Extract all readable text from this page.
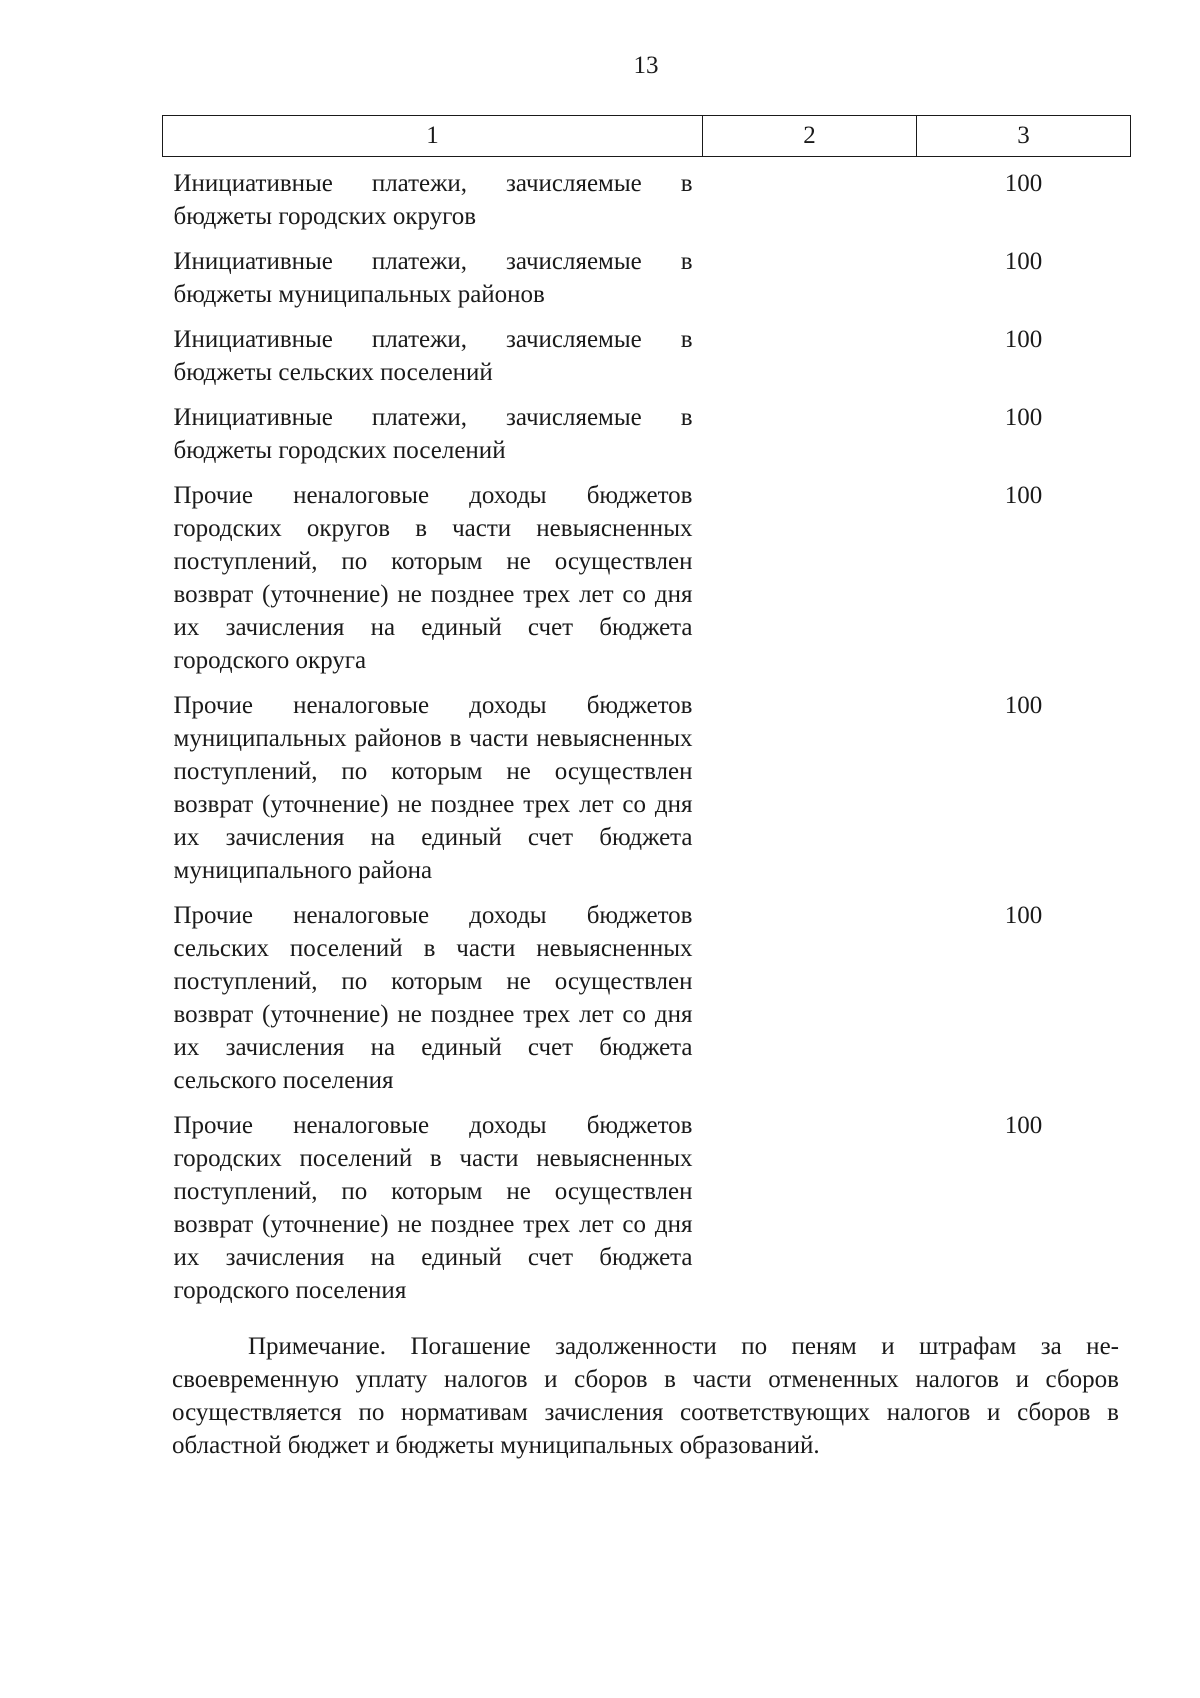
13
1	2	3
Инициативные платежи, зачисляемые в бюджеты городских округов		100
Инициативные платежи, зачисляемые в бюджеты муниципальных районов		100
Инициативные платежи, зачисляемые в бюджеты сельских поселений		100
Инициативные платежи, зачисляемые в бюджеты городских поселений		100
Прочие неналоговые доходы бюджетов городских округов в части невыясненных поступлений, по которым не осуществлен возврат (уточнение) не позднее трех лет со дня их зачисления на единый счет бюджета городского округа		100
Прочие неналоговые доходы бюджетов муниципальных районов в части невыясненных поступлений, по которым не осуществлен возврат (уточнение) не позднее трех лет со дня их зачисления на единый счет бюджета муниципального района		100
Прочие неналоговые доходы бюджетов сельских поселений в части невыясненных поступлений, по которым не осуществлен возврат (уточнение) не позднее трех лет со дня их зачисления на единый счет бюджета сельского поселения		100
Прочие неналоговые доходы бюджетов городских поселений в части невыясненных поступлений, по которым не осуществлен возврат (уточнение) не позднее трех лет со дня их зачисления на единый счет бюджета городского поселения		100

Примечание. Погашение задолженности по пеням и штрафам за несвоевременную уплату налогов и сборов в части отмененных налогов и сборов осуществляется по нормативам зачисления соответствующих налогов и сборов в областной бюджет и бюджеты муниципальных образований.
